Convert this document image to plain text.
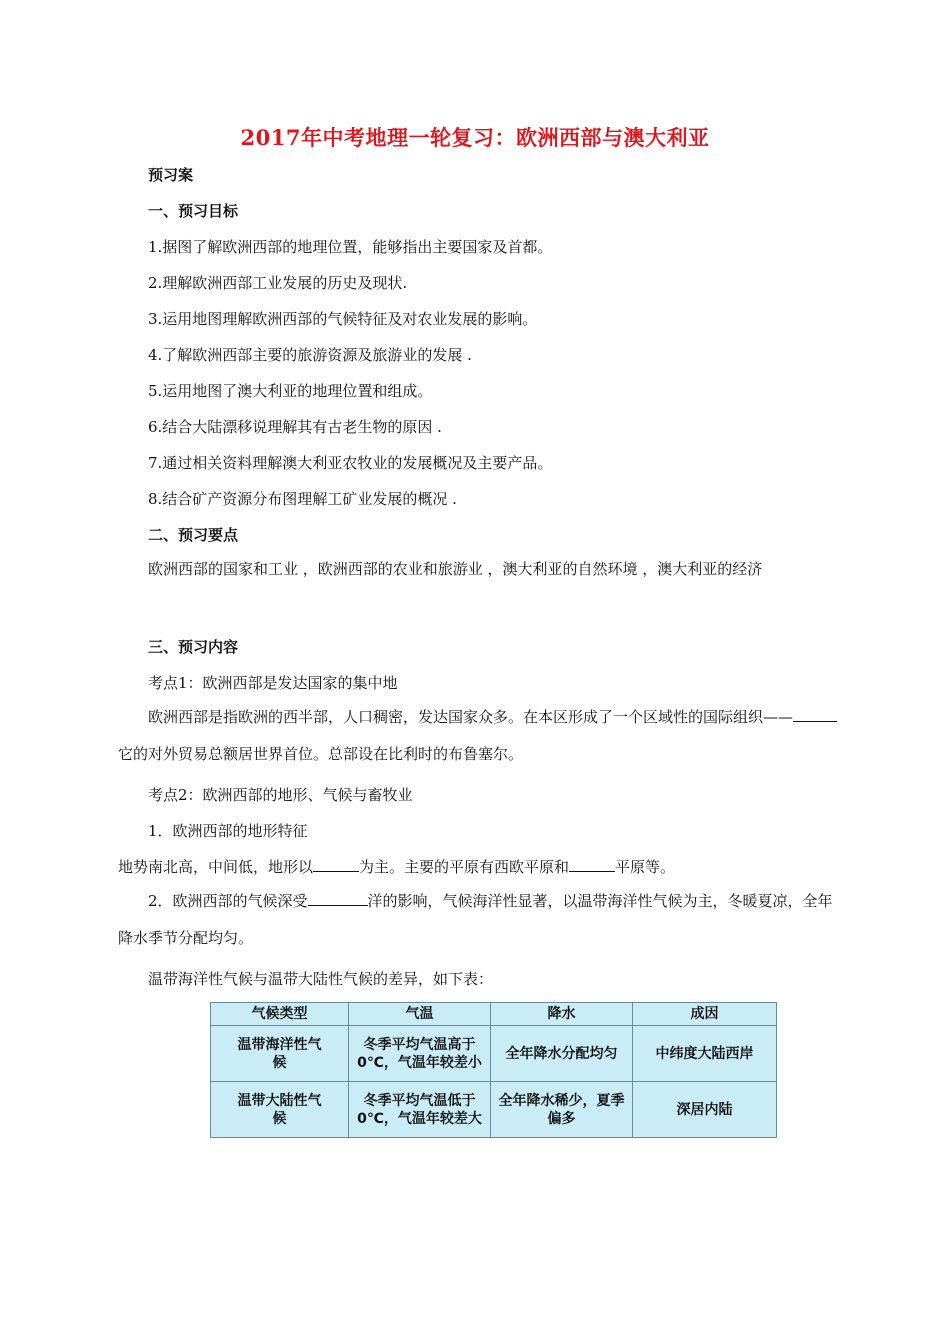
2017年中考地理一轮复习：欧洲西部与澳大利亚
预习案
一、预习目标
1.据图了解欧洲西部的地理位置，能够指出主要国家及首都。
2.理解欧洲西部工业发展的历史及现状.
3.运用地图理解欧洲西部的气候特征及对农业发展的影响。
4.了解欧洲西部主要的旅游资源及旅游业的发展 .
5.运用地图了澳大利亚的地理位置和组成。
6.结合大陆漂移说理解其有古老生物的原因 .
7.通过相关资料理解澳大利亚农牧业的发展概况及主要产品。
8.结合矿产资源分布图理解工矿业发展的概况 .
二、预习要点
欧洲西部的国家和工业 ，欧洲西部的农业和旅游业 ，澳大利亚的自然环境 ，澳大利亚的经济
三、预习内容
考点1：欧洲西部是发达国家的集中地
欧洲西部是指欧洲的西半部，人口稠密，发达国家众多。在本区形成了一个区域性的国际组织——它的对外贸易总额居世界首位。总部设在比利时的布鲁塞尔。
考点2：欧洲西部的地形、气候与畜牧业
1．欧洲西部的地形特征
地势南北高，中间低，地形以	为主。主要的平原有西欧平原和	平原等。
2．欧洲西部的气候深受	洋的影响，气候海洋性显著，以温带海洋性气候为主，冬暖夏凉，全年降水季节分配均匀。
温带海洋性气候与温带大陆性气候的差异，如下表：
气候类型	气温	降水	成因
温带海洋性气候	冬季平均气温高于0℃，气温年较差小	全年降水分配均匀	中纬度大陆西岸
温带大陆性气候	冬季平均气温低于0℃，气温年较差大	全年降水稀少，夏季偏多	深居内陆
